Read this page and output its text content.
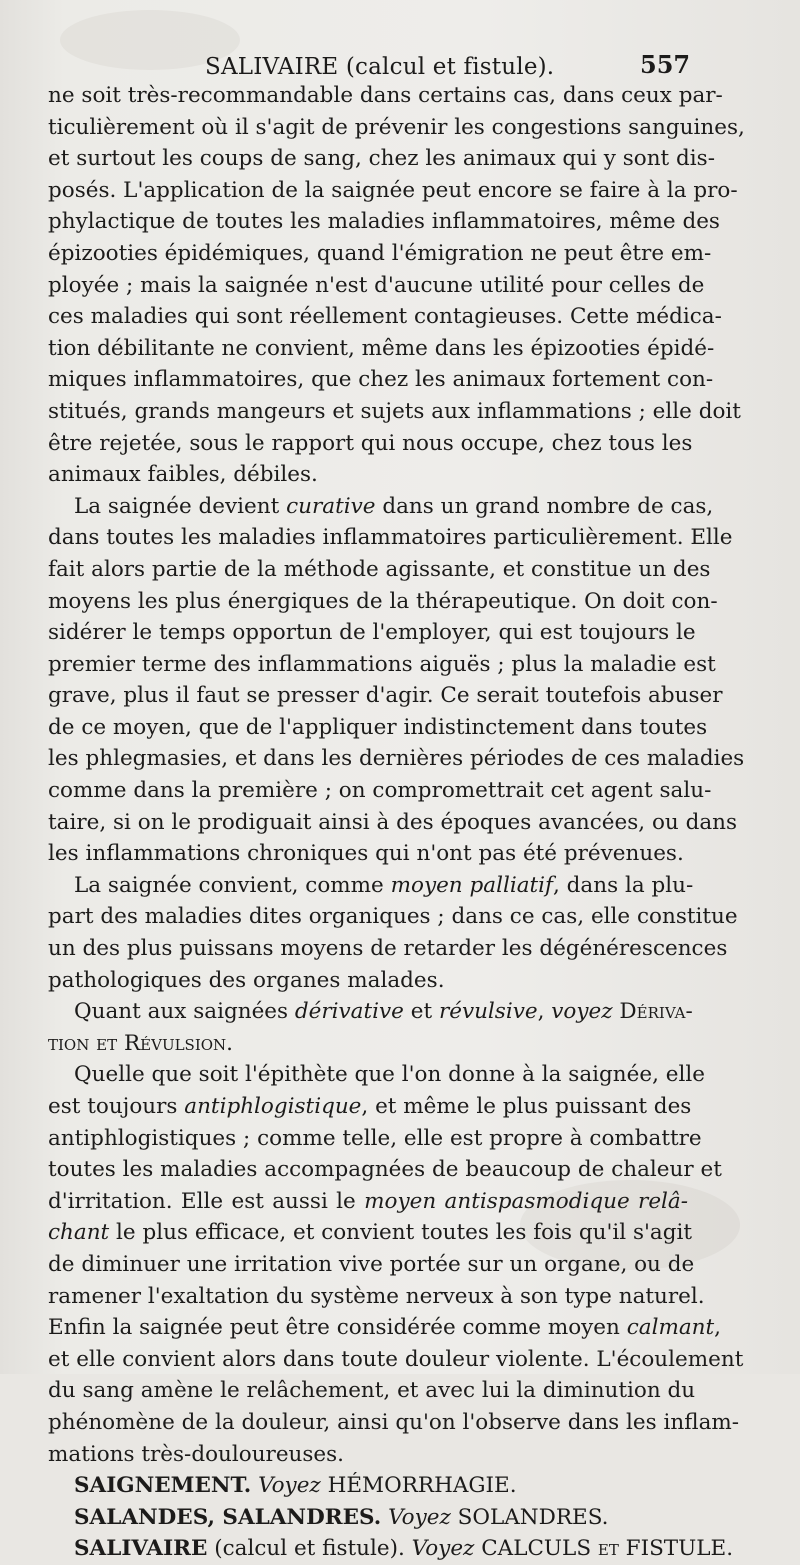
SALIVAIRE (calcul et fistule).	557
ne soit très-recommandable dans certains cas, dans ceux par-
ticulièrement où il s'agit de prévenir les congestions sanguines,
et surtout les coups de sang, chez les animaux qui y sont dis-
posés. L'application de la saignée peut encore se faire à la pro-
phylactique de toutes les maladies inflammatoires, même des
épizooties épidémiques, quand l'émigration ne peut être em-
ployée ; mais la saignée n'est d'aucune utilité pour celles de
ces maladies qui sont réellement contagieuses. Cette médica-
tion débilitante ne convient, même dans les épizooties épidé-
miques inflammatoires, que chez les animaux fortement con-
stitués, grands mangeurs et sujets aux inflammations ; elle doit
être rejetée, sous le rapport qui nous occupe, chez tous les
animaux faibles, débiles.
La saignée devient curative dans un grand nombre de cas,
dans toutes les maladies inflammatoires particulièrement. Elle
fait alors partie de la méthode agissante, et constitue un des
moyens les plus énergiques de la thérapeutique. On doit con-
sidérer le temps opportun de l'employer, qui est toujours le
premier terme des inflammations aiguës ; plus la maladie est
grave, plus il faut se presser d'agir. Ce serait toutefois abuser
de ce moyen, que de l'appliquer indistinctement dans toutes
les phlegmasies, et dans les dernières périodes de ces maladies
comme dans la première ; on compromettrait cet agent salu-
taire, si on le prodiguait ainsi à des époques avancées, ou dans
les inflammations chroniques qui n'ont pas été prévenues.
La saignée convient, comme moyen palliatif, dans la plu-
part des maladies dites organiques ; dans ce cas, elle constitue
un des plus puissans moyens de retarder les dégénérescences
pathologiques des organes malades.
Quant aux saignées dérivative et révulsive, voyez Dériva-
tion et Révulsion.
Quelle que soit l'épithète que l'on donne à la saignée, elle
est toujours antiphlogistique, et même le plus puissant des
antiphlogistiques ; comme telle, elle est propre à combattre
toutes les maladies accompagnées de beaucoup de chaleur et
d'irritation. Elle est aussi le moyen antispasmodique relâ-
chant le plus efficace, et convient toutes les fois qu'il s'agit
de diminuer une irritation vive portée sur un organe, ou de
ramener l'exaltation du système nerveux à son type naturel.
Enfin la saignée peut être considérée comme moyen calmant,
et elle convient alors dans toute douleur violente. L'écoulement
du sang amène le relâchement, et avec lui la diminution du
phénomène de la douleur, ainsi qu'on l'observe dans les inflam-
mations très-douloureuses.
SAIGNEMENT. Voyez HÉMORRHAGIE.
SALANDES, SALANDRES. Voyez SOLANDRES.
SALIVAIRE (calcul et fistule). Voyez CALCULS et FISTULE.
